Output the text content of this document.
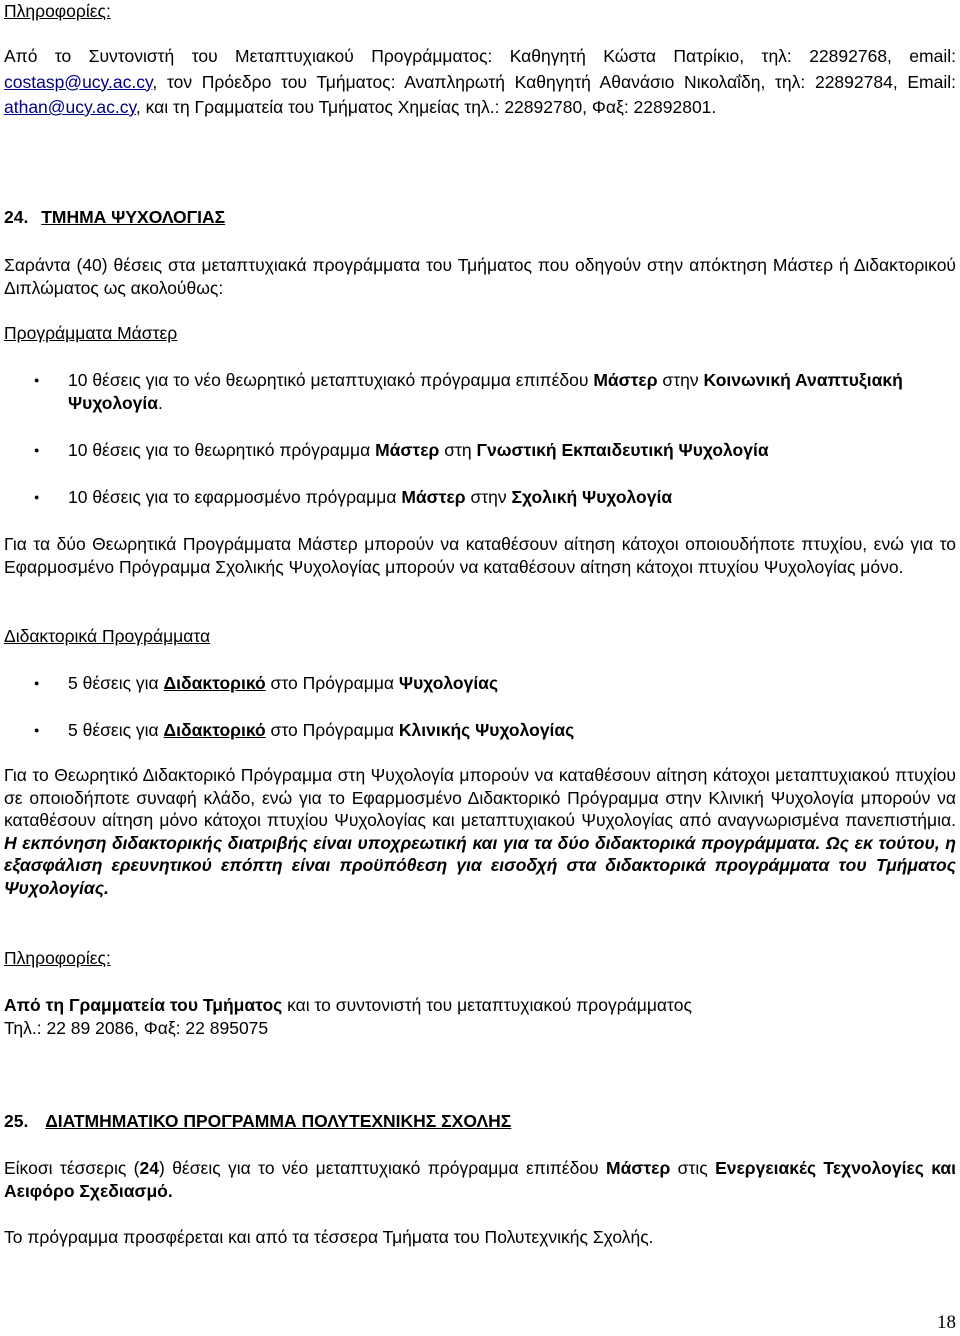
Πληροφορίες:
Από το Συντονιστή του Μεταπτυχιακού Προγράμματος: Καθηγητή Κώστα Πατρίκιο, τηλ: 22892768, email: costasp@ucy.ac.cy, τον Πρόεδρο του Τμήματος: Αναπληρωτή Καθηγητή Αθανάσιο Νικολαΐδη, τηλ: 22892784, Email: athan@ucy.ac.cy, και τη Γραμματεία του Τμήματος Χημείας τηλ.: 22892780, Φαξ: 22892801.
24. ΤΜΗΜΑ ΨΥΧΟΛΟΓΙΑΣ
Σαράντα (40) θέσεις στα μεταπτυχιακά προγράμματα του Τμήματος που οδηγούν στην απόκτηση Μάστερ ή Διδακτορικού Διπλώματος ως ακολούθως:
Προγράμματα Μάστερ
● 10 θέσεις για το νέο θεωρητικό μεταπτυχιακό πρόγραμμα επιπέδου Μάστερ στην Κοινωνική Αναπτυξιακή Ψυχολογία.
● 10 θέσεις για το θεωρητικό πρόγραμμα Μάστερ στη Γνωστική Εκπαιδευτική Ψυχολογία
● 10 θέσεις για το εφαρμοσμένο πρόγραμμα Μάστερ στην Σχολική Ψυχολογία
Για τα δύο Θεωρητικά Προγράμματα Μάστερ μπορούν να καταθέσουν αίτηση κάτοχοι οποιουδήποτε πτυχίου, ενώ για το Εφαρμοσμένο Πρόγραμμα Σχολικής Ψυχολογίας μπορούν να καταθέσουν αίτηση κάτοχοι πτυχίου Ψυχολογίας μόνο.
Διδακτορικά Προγράμματα
● 5 θέσεις για Διδακτορικό στο Πρόγραμμα Ψυχολογίας
● 5 θέσεις για Διδακτορικό στο Πρόγραμμα Κλινικής Ψυχολογίας
Για το Θεωρητικό Διδακτορικό Πρόγραμμα στη Ψυχολογία μπορούν να καταθέσουν αίτηση κάτοχοι μεταπτυχιακού πτυχίου σε οποιοδήποτε συναφή κλάδο, ενώ για το Εφαρμοσμένο Διδακτορικό Πρόγραμμα στην Κλινική Ψυχολογία μπορούν να καταθέσουν αίτηση μόνο κάτοχοι πτυχίου Ψυχολογίας και μεταπτυχιακού Ψυχολογίας από αναγνωρισμένα πανεπιστήμια. Η εκπόνηση διδακτορικής διατριβής είναι υποχρεωτική και για τα δύο διδακτορικά προγράμματα. Ως εκ τούτου, η εξασφάλιση ερευνητικού επόπτη είναι προϋπόθεση για εισοδχή στα διδακτορικά προγράμματα του Τμήματος Ψυχολογίας.
Πληροφορίες:
Από τη Γραμματεία του Τμήματος και το συντονιστή του μεταπτυχιακού προγράμματος
Τηλ.: 22 89 2086, Φαξ: 22 895075
25. ΔΙΑΤΜΗΜΑΤΙΚΟ ΠΡΟΓΡΑΜΜΑ ΠΟΛΥΤΕΧΝΙΚΗΣ ΣΧΟΛΗΣ
Είκοσι τέσσερις (24) θέσεις για το νέο μεταπτυχιακό πρόγραμμα επιπέδου Μάστερ στις Ενεργειακές Τεχνολογίες και Αειφόρο Σχεδιασμό.
Το πρόγραμμα προσφέρεται και από τα τέσσερα Τμήματα του Πολυτεχνικής Σχολής.
18
